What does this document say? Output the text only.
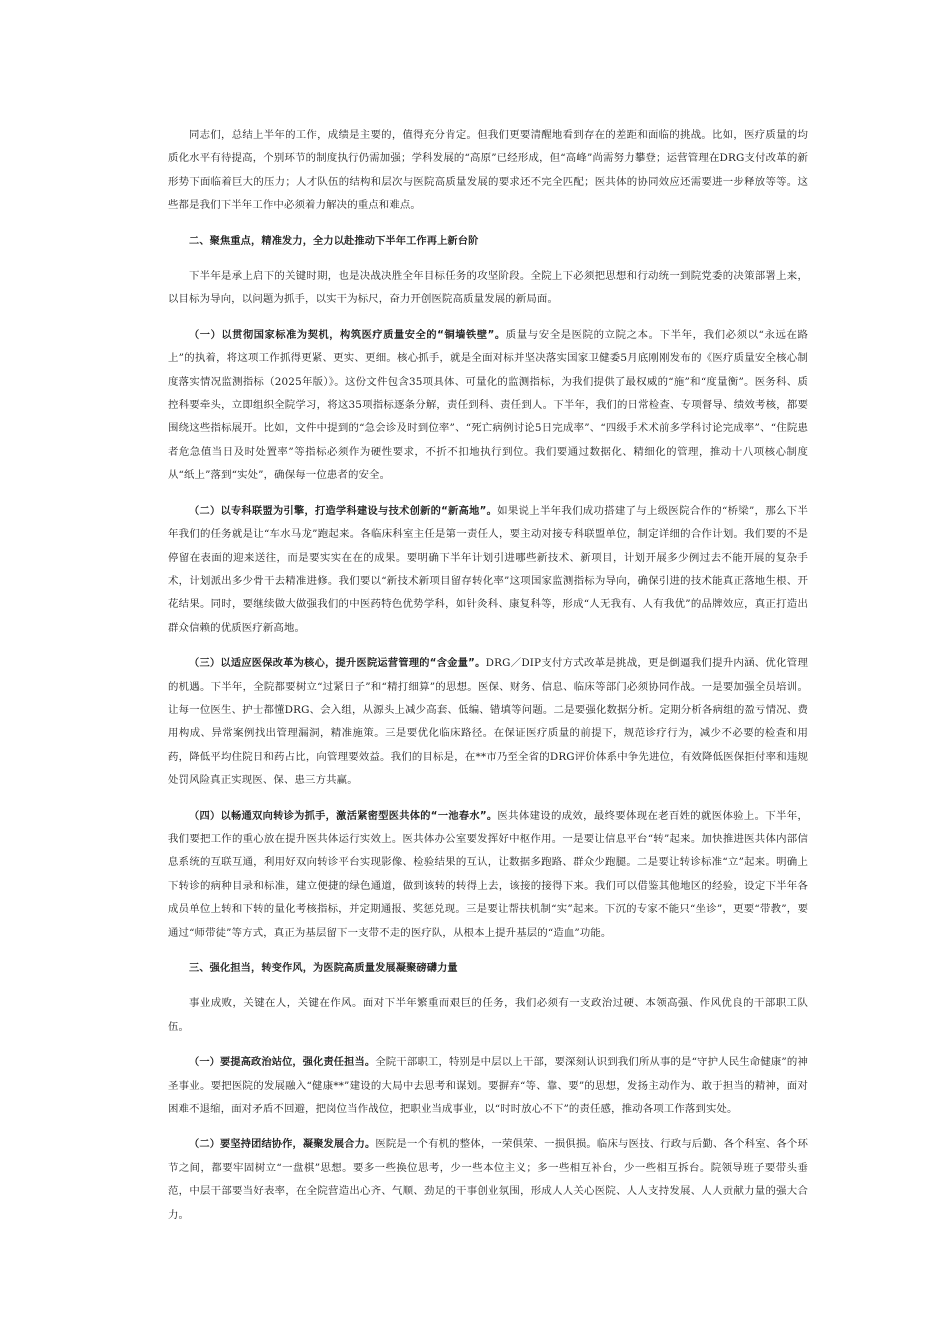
同志们，总结上半年的工作，成绩是主要的，值得充分肯定。但我们更要清醒地看到存在的差距和面临的挑战。比如，医疗质量的均质化水平有待提高，个别环节的制度执行仍需加强；学科发展的“高原”已经形成，但“高峰”尚需努力攀登；运营管理在DRG支付改革的新形势下面临着巨大的压力；人才队伍的结构和层次与医院高质量发展的要求还不完全匹配；医共体的协同效应还需要进一步释放等等。这些都是我们下半年工作中必须着力解决的重点和难点。

二、聚焦重点，精准发力，全力以赴推动下半年工作再上新台阶

下半年是承上启下的关键时期，也是决战决胜全年目标任务的攻坚阶段。全院上下必须把思想和行动统一到院党委的决策部署上来，以目标为导向，以问题为抓手，以实干为标尺，奋力开创医院高质量发展的新局面。

（一）以贯彻国家标准为契机，构筑医疗质量安全的“铜墙铁壁”。质量与安全是医院的立院之本。下半年，我们必须以“永远在路上”的执着，将这项工作抓得更紧、更实、更细。核心抓手，就是全面对标并坚决落实国家卫健委5月底刚刚发布的《医疗质量安全核心制度落实情况监测指标（2025年版）》。这份文件包含35项具体、可量化的监测指标，为我们提供了最权威的“施”和“度量衡”。医务科、质控科要牵头，立即组织全院学习，将这35项指标逐条分解，责任到科、责任到人。下半年，我们的日常检查、专项督导、绩效考核，都要围绕这些指标展开。比如，文件中提到的“急会诊及时到位率”、“死亡病例讨论5日完成率”、“四级手术术前多学科讨论完成率”、“住院患者危急值当日及时处置率”等指标必须作为硬性要求，不折不扣地执行到位。我们要通过数据化、精细化的管理，推动十八项核心制度从“纸上”落到“实处”，确保每一位患者的安全。

（二）以专科联盟为引擎，打造学科建设与技术创新的“新高地”。如果说上半年我们成功搭建了与上级医院合作的“桥梁”，那么下半年我们的任务就是让“车水马龙”跑起来。各临床科室主任是第一责任人，要主动对接专科联盟单位，制定详细的合作计划。我们要的不是停留在表面的迎来送往，而是要实实在在的成果。要明确下半年计划引进哪些新技术、新项目，计划开展多少例过去不能开展的复杂手术，计划派出多少骨干去精准进修。我们要以“新技术新项目留存转化率”这项国家监测指标为导向，确保引进的技术能真正落地生根、开花结果。同时，要继续做大做强我们的中医药特色优势学科，如针灸科、康复科等，形成“人无我有、人有我优”的品牌效应，真正打造出群众信赖的优质医疗新高地。

（三）以适应医保改革为核心，提升医院运营管理的“含金量”。DRG／DIP支付方式改革是挑战，更是倒逼我们提升内涵、优化管理的机遇。下半年，全院都要树立“过紧日子”和“精打细算”的思想。医保、财务、信息、临床等部门必须协同作战。一是要加强全员培训。让每一位医生、护士都懂DRG、会入组，从源头上减少高套、低编、错填等问题。二是要强化数据分析。定期分析各病组的盈亏情况、费用构成、异常案例找出管理漏洞，精准施策。三是要优化临床路径。在保证医疗质量的前提下，规范诊疗行为，减少不必要的检查和用药，降低平均住院日和药占比，向管理要效益。我们的目标是，在**市乃至全省的DRG评价体系中争先进位，有效降低医保拒付率和违规处罚风险真正实现医、保、患三方共赢。

（四）以畅通双向转诊为抓手，激活紧密型医共体的“一池春水”。医共体建设的成效，最终要体现在老百姓的就医体验上。下半年，我们要把工作的重心放在提升医共体运行实效上。医共体办公室要发挥好中枢作用。一是要让信息平台“转”起来。加快推进医共体内部信息系统的互联互通，利用好双向转诊平台实现影像、检验结果的互认，让数据多跑路、群众少跑腿。二是要让转诊标准“立”起来。明确上下转诊的病种目录和标准，建立便捷的绿色通道，做到该转的转得上去，该接的接得下来。我们可以借鉴其他地区的经验，设定下半年各成员单位上转和下转的量化考核指标，并定期通报、奖惩兑现。三是要让帮扶机制“实”起来。下沉的专家不能只“坐诊”，更要“带教”，要通过“师带徒”等方式，真正为基层留下一支带不走的医疗队，从根本上提升基层的“造血”功能。

三、强化担当，转变作风，为医院高质量发展凝聚磅礴力量

事业成败，关键在人，关键在作风。面对下半年繁重而艰巨的任务，我们必须有一支政治过硬、本领高强、作风优良的干部职工队伍。

（一）要提高政治站位，强化责任担当。全院干部职工，特别是中层以上干部，要深刻认识到我们所从事的是“守护人民生命健康”的神圣事业。要把医院的发展融入“健康**”建设的大局中去思考和谋划。要摒弃“等、靠、要”的思想，发扬主动作为、敢于担当的精神，面对困难不退缩，面对矛盾不回避，把岗位当作战位，把职业当成事业，以“时时放心不下”的责任感，推动各项工作落到实处。

（二）要坚持团结协作，凝聚发展合力。医院是一个有机的整体，一荣俱荣、一损俱损。临床与医技、行政与后勤、各个科室、各个环节之间，都要牢固树立“一盘棋”思想。要多一些换位思考，少一些本位主义；多一些相互补台，少一些相互拆台。院领导班子要带头垂范，中层干部要当好表率，在全院营造出心齐、气顺、劲足的干事创业氛围，形成人人关心医院、人人支持发展、人人贡献力量的强大合力。
